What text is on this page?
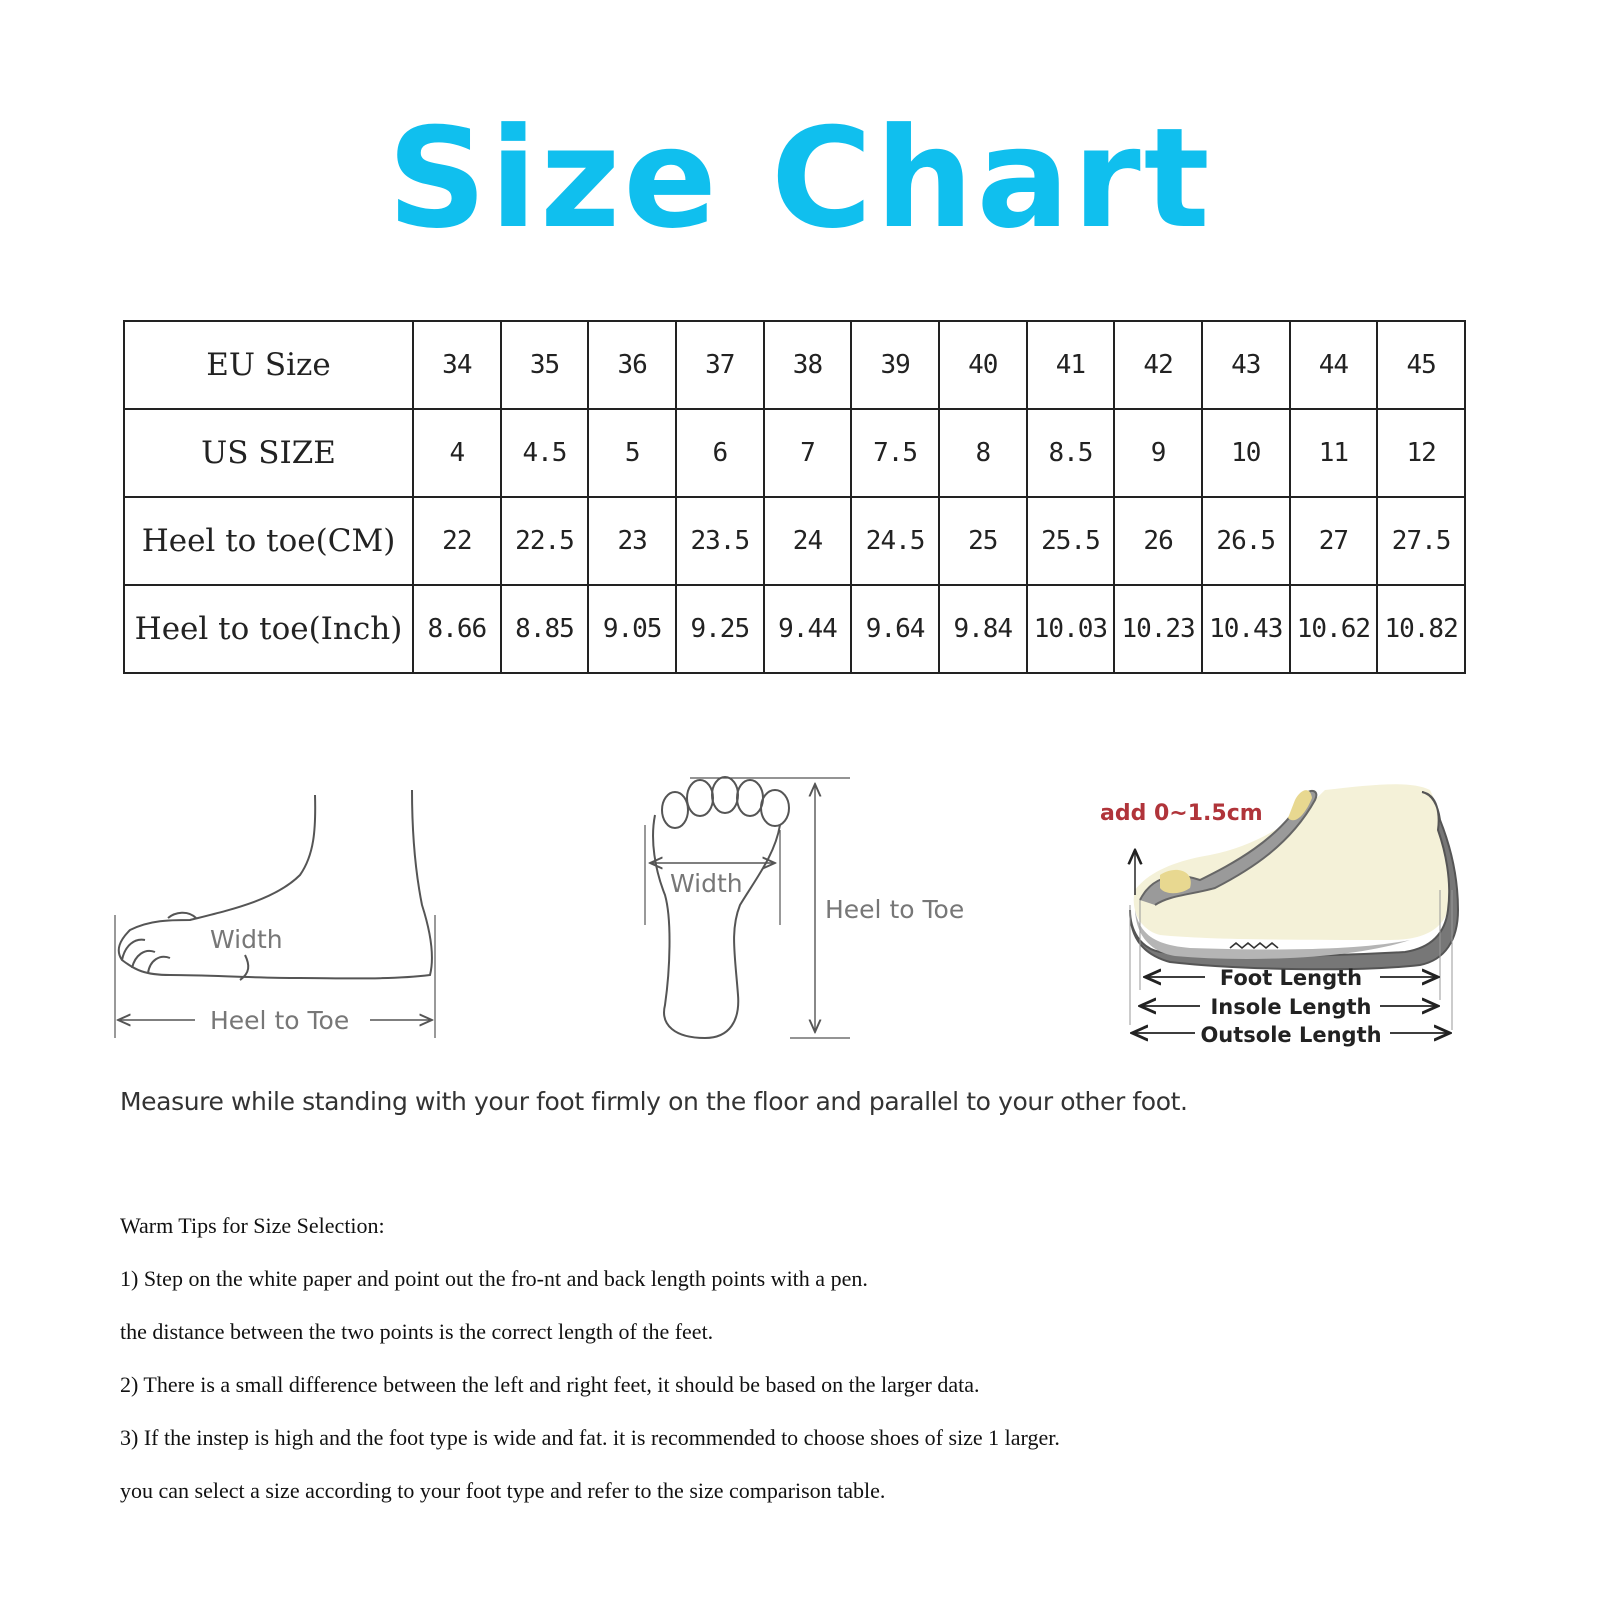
Size Chart
EU Size	34	35	36	37	38	39	40	41	42	43	44	45
US SIZE	4	4.5	5	6	7	7.5	8	8.5	9	10	11	12
Heel to toe(CM)	22	22.5	23	23.5	24	24.5	25	25.5	26	26.5	27	27.5
Heel to toe(Inch)	8.66	8.85	9.05	9.25	9.44	9.64	9.84	10.03	10.23	10.43	10.62	10.82
Width
Heel to Toe
Width
Heel to Toe
add 0~1.5cm
Foot Length
Insole Length
Outsole Length
Measure while standing with your foot firmly on the floor and parallel to your other foot.

Warm Tips for Size Selection:

1) Step on the white paper and point out the fro-nt and back length points with a pen.

the distance between the two points is the correct length of the feet.

2) There is a small difference between the left and right feet, it should be based on the larger data.

3) If the instep is high and the foot type is wide and fat. it is recommended to choose shoes of size 1 larger.

you can select a size according to your foot type and refer to the size comparison table.
